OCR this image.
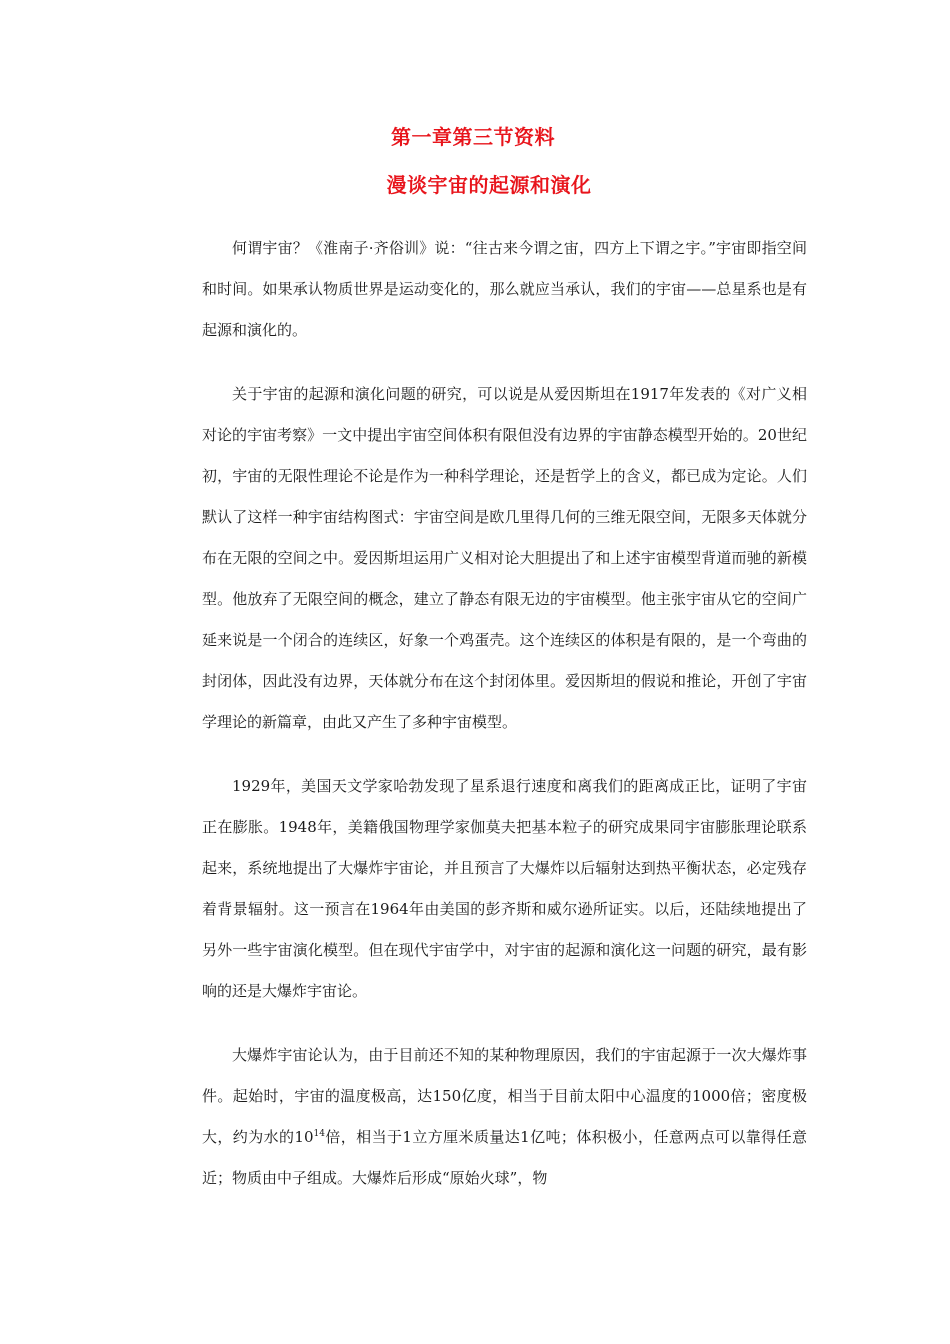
第一章第三节资料
漫谈宇宙的起源和演化

何谓宇宙？《淮南子·齐俗训》说：“往古来今谓之宙，四方上下谓之宇。”宇宙即指空间和时间。如果承认物质世界是运动变化的，那么就应当承认，我们的宇宙——总星系也是有起源和演化的。

关于宇宙的起源和演化问题的研究，可以说是从爱因斯坦在1917年发表的《对广义相对论的宇宙考察》一文中提出宇宙空间体积有限但没有边界的宇宙静态模型开始的。20世纪初，宇宙的无限性理论不论是作为一种科学理论，还是哲学上的含义，都已成为定论。人们默认了这样一种宇宙结构图式：宇宙空间是欧几里得几何的三维无限空间，无限多天体就分布在无限的空间之中。爱因斯坦运用广义相对论大胆提出了和上述宇宙模型背道而驰的新模型。他放弃了无限空间的概念，建立了静态有限无边的宇宙模型。他主张宇宙从它的空间广延来说是一个闭合的连续区，好象一个鸡蛋壳。这个连续区的体积是有限的，是一个弯曲的封闭体，因此没有边界，天体就分布在这个封闭体里。爱因斯坦的假说和推论，开创了宇宙学理论的新篇章，由此又产生了多种宇宙模型。

1929年，美国天文学家哈勃发现了星系退行速度和离我们的距离成正比，证明了宇宙正在膨胀。1948年，美籍俄国物理学家伽莫夫把基本粒子的研究成果同宇宙膨胀理论联系起来，系统地提出了大爆炸宇宙论，并且预言了大爆炸以后辐射达到热平衡状态，必定残存着背景辐射。这一预言在1964年由美国的彭齐斯和威尔逊所证实。以后，还陆续地提出了另外一些宇宙演化模型。但在现代宇宙学中，对宇宙的起源和演化这一问题的研究，最有影响的还是大爆炸宇宙论。

大爆炸宇宙论认为，由于目前还不知的某种物理原因，我们的宇宙起源于一次大爆炸事件。起始时，宇宙的温度极高，达150亿度，相当于目前太阳中心温度的1000倍；密度极大，约为水的$10^{14}$倍，相当于1立方厘米质量达1亿吨；体积极小，任意两点可以靠得任意近；物质由中子组成。大爆炸后形成“原始火球”，物
